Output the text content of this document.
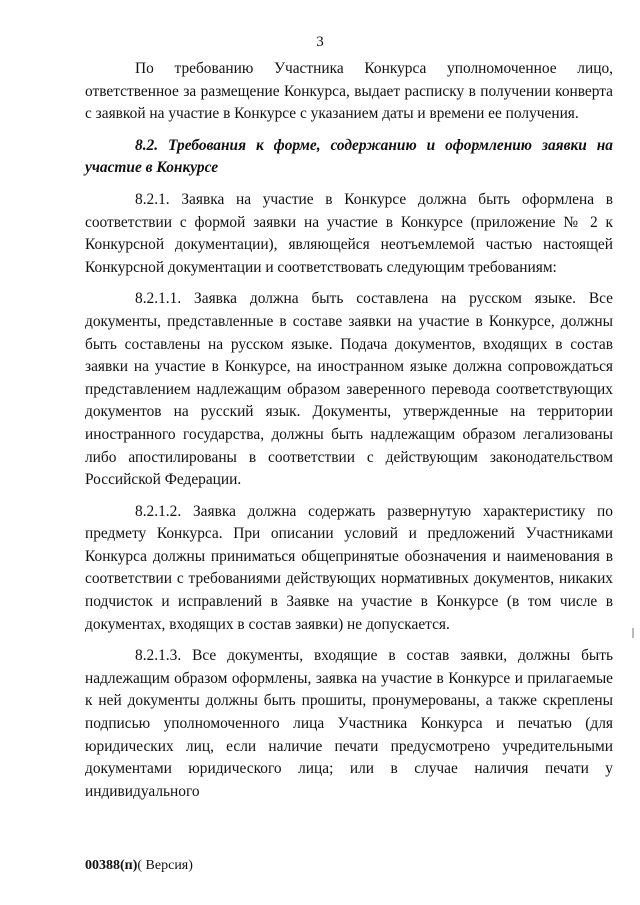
3

По требованию Участника Конкурса уполномоченное лицо, ответственное за размещение Конкурса, выдает расписку в получении конверта с заявкой на участие в Конкурсе с указанием даты и времени ее получения.

8.2. Требования к форме, содержанию и оформлению заявки на участие в Конкурсе

8.2.1. Заявка на участие в Конкурсе должна быть оформлена в соответствии с формой заявки на участие в Конкурсе (приложение № 2 к Конкурсной документации), являющейся неотъемлемой частью настоящей Конкурсной документации и соответствовать следующим требованиям:

8.2.1.1. Заявка должна быть составлена на русском языке. Все документы, представленные в составе заявки на участие в Конкурсе, должны быть составлены на русском языке. Подача документов, входящих в состав заявки на участие в Конкурсе, на иностранном языке должна сопровождаться представлением надлежащим образом заверенного перевода соответствующих документов на русский язык. Документы, утвержденные на территории иностранного государства, должны быть надлежащим образом легализованы либо апостилированы в соответствии с действующим законодательством Российской Федерации.

8.2.1.2. Заявка должна содержать развернутую характеристику по предмету Конкурса. При описании условий и предложений Участниками Конкурса должны приниматься общепринятые обозначения и наименования в соответствии с требованиями действующих нормативных документов, никаких подчисток и исправлений в Заявке на участие в Конкурсе (в том числе в документах, входящих в состав заявки) не допускается.

8.2.1.3. Все документы, входящие в состав заявки, должны быть надлежащим образом оформлены, заявка на участие в Конкурсе и прилагаемые к ней документы должны быть прошиты, пронумерованы, а также скреплены подписью уполномоченного лица Участника Конкурса и печатью (для юридических лиц, если наличие печати предусмотрено учредительными документами юридического лица; или в случае наличия печати у индивидуального

00388(п)( Версия)
